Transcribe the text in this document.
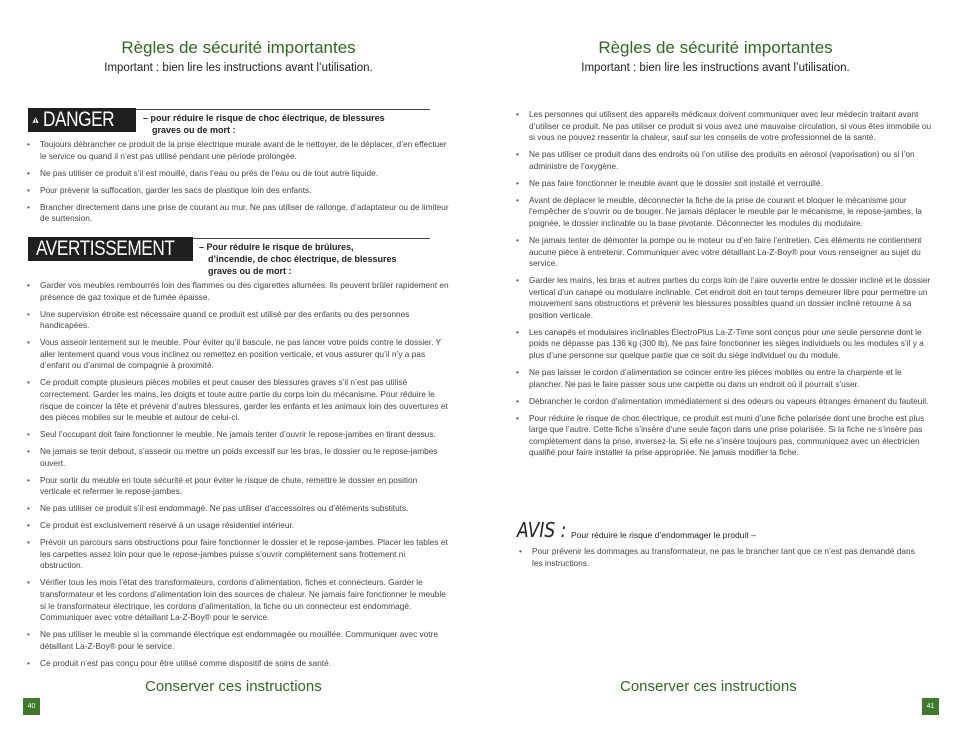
Règles de sécurité importantes
Important : bien lire les instructions avant l’utilisation.
DANGER	– pour réduire le risque de choc électrique, de blessures
graves ou de mort :
• Toujours débrancher ce produit de la prise électrique murale avant de le nettoyer, de le déplacer, d’en effectuer le service ou quand il n’est pas utilisé pendant une période prolongée.
• Ne pas utiliser ce produit s’il est mouillé, dans l’eau ou près de l’eau ou de tout autre liquide.
• Pour prévenir la suffocation, garder les sacs de plastique loin des enfants.
• Brancher directement dans une prise de courant au mur. Ne pas utiliser de rallonge, d’adaptateur ou de limiteur de surtension.
AVERTISSEMENT	– Pour réduire le risque de brûlures,
d’incendie, de choc électrique, de blessures
graves ou de mort :
• Garder vos meubles rembourrés loin des flammes ou des cigarettes allumées. Ils peuvent brûler rapidement en présence de gaz toxique et de fumée épaisse.
• Une supervision étroite est nécessaire quand ce produit est utilisé par des enfants ou des personnes handicapées.
• Vous asseoir lentement sur le meuble. Pour éviter qu’il bascule, ne pas lancer votre poids contre le dossier. Y aller lentement quand vous vous inclinez ou remettez en position verticale, et vous assurer qu’il n’y a pas d’enfant ou d’animal de compagnie à proximité.
• Ce produit compte plusieurs pièces mobiles et peut causer des blessures graves s’il n’est pas utilisé correctement. Garder les mains, les doigts et toute autre partie du corps loin du mécanisme. Pour réduire le risque de coincer la tête et prévenir d’autres blessures, garder les enfants et les animaux loin des ouvertures et des pièces mobiles sur le meuble et autour de celui-ci.
• Seul l’occupant doit faire fonctionner le meuble. Ne jamais tenter d’ouvrir le repose-jambes en tirant dessus.
• Ne jamais se tenir debout, s’asseoir ou mettre un poids excessif sur les bras, le dossier ou le repose-jambes ouvert.
• Pour sortir du meuble en toute sécurité et pour éviter le risque de chute, remettre le dossier en position verticale et refermer le repose-jambes.
• Ne pas utiliser ce produit s’il est endommagé. Ne pas utiliser d’accessoires ou d’éléments substituts.
• Ce produit est exclusivement réservé à un usage résidentiel intérieur.
• Prévoir un parcours sans obstructions pour faire fonctionner le dossier et le repose-jambes. Placer les tables et les carpettes assez loin pour que le repose-jambes puisse s’ouvrir complètement sans frottement ni obstruction.
• Vérifier tous les mois l’état des transformateurs, cordons d’alimentation, fiches et connecteurs. Garder le transformateur et les cordons d’alimentation loin des sources de chaleur. Ne jamais faire fonctionner le meuble si le transformateur électrique, les cordons d’alimentation, la fiche ou un connecteur est endommagé. Communiquer avec votre détaillant La-Z-Boy® pour le service.
• Ne pas utiliser le meuble si la commande électrique est endommagée ou mouillée. Communiquer avec votre détaillant La-Z-Boy® pour le service.
• Ce produit n’est pas conçu pour être utilisé comme dispositif de soins de santé.
Conserver ces instructions
40
Règles de sécurité importantes
Important : bien lire les instructions avant l’utilisation.
• Les personnes qui utilisent des appareils médicaux doivent communiquer avec leur médecin traitant avant d’utiliser ce produit. Ne pas utiliser ce produit si vous avez une mauvaise circulation, si vous êtes immobile ou si vous ne pouvez ressentir la chaleur, sauf sur les conseils de votre professionnel de la santé.
• Ne pas utiliser ce produit dans des endroits où l’on utilise des produits en aérosol (vaporisation) ou si l’on administre de l’oxygène.
• Ne pas faire fonctionner le meuble avant que le dossier soit installé et verrouillé.
• Avant de déplacer le meuble, déconnecter la fiche de la prise de courant et bloquer le mécanisme pour l’empêcher de s’ouvrir ou de bouger. Ne jamais déplacer le meuble par le mécanisme, le repose-jambes, la poignée, le dossier inclinable ou la base pivotante. Déconnecter les modules du modulaire.
• Ne jamais tenter de démonter la pompe ou le moteur ou d’en faire l’entretien. Ces éléments ne contiennent aucune pièce à entretenir. Communiquer avec votre détaillant La-Z-Boy® pour vous renseigner au sujet du service.
• Garder les mains, les bras et autres parties du corps loin de l’aire ouverte entre le dossier incliné et le dossier vertical d’un canapé ou modulaire inclinable. Cet endroit doit en tout temps demeurer libre pour permettre un mouvement sans obstructions et prévenir les blessures possibles quand un dossier incliné retourne à sa position verticale.
• Les canapés et modulaires inclinables ÉlectroPlus La-Z-Time sont conçus pour une seule personne dont le poids ne dépasse pas 136 kg (300 lb). Ne pas faire fonctionner les sièges individuels ou les modules s’il y a plus d’une personne sur quelque partie que ce soit du siège individuel ou du module.
• Ne pas laisser le cordon d’alimentation se coincer entre les pièces mobiles ou entre la charpente et le plancher. Ne pas le faire passer sous une carpette ou dans un endroit où il pourrait s’user.
• Débrancher le cordon d’alimentation immédiatement si des odeurs ou vapeurs étranges émanent du fauteuil.
• Pour réduire le risque de choc électrique, ce produit est muni d’une fiche polarisée dont une broche est plus large que l’autre. Cette fiche s’insère d’une seule façon dans une prise polarisée. Si la fiche ne s’insère pas complètement dans la prise, inversez-la. Si elle ne s’insère toujours pas, communiquez avec un électricien qualifié pour faire installer la prise appropriée. Ne jamais modifier la fiche.
AVIS : Pour réduire le risque d’endommager le produit –
• Pour prévenir les dommages au transformateur, ne pas le brancher tant que ce n’est pas demandé dans les instructions.
Conserver ces instructions
41
